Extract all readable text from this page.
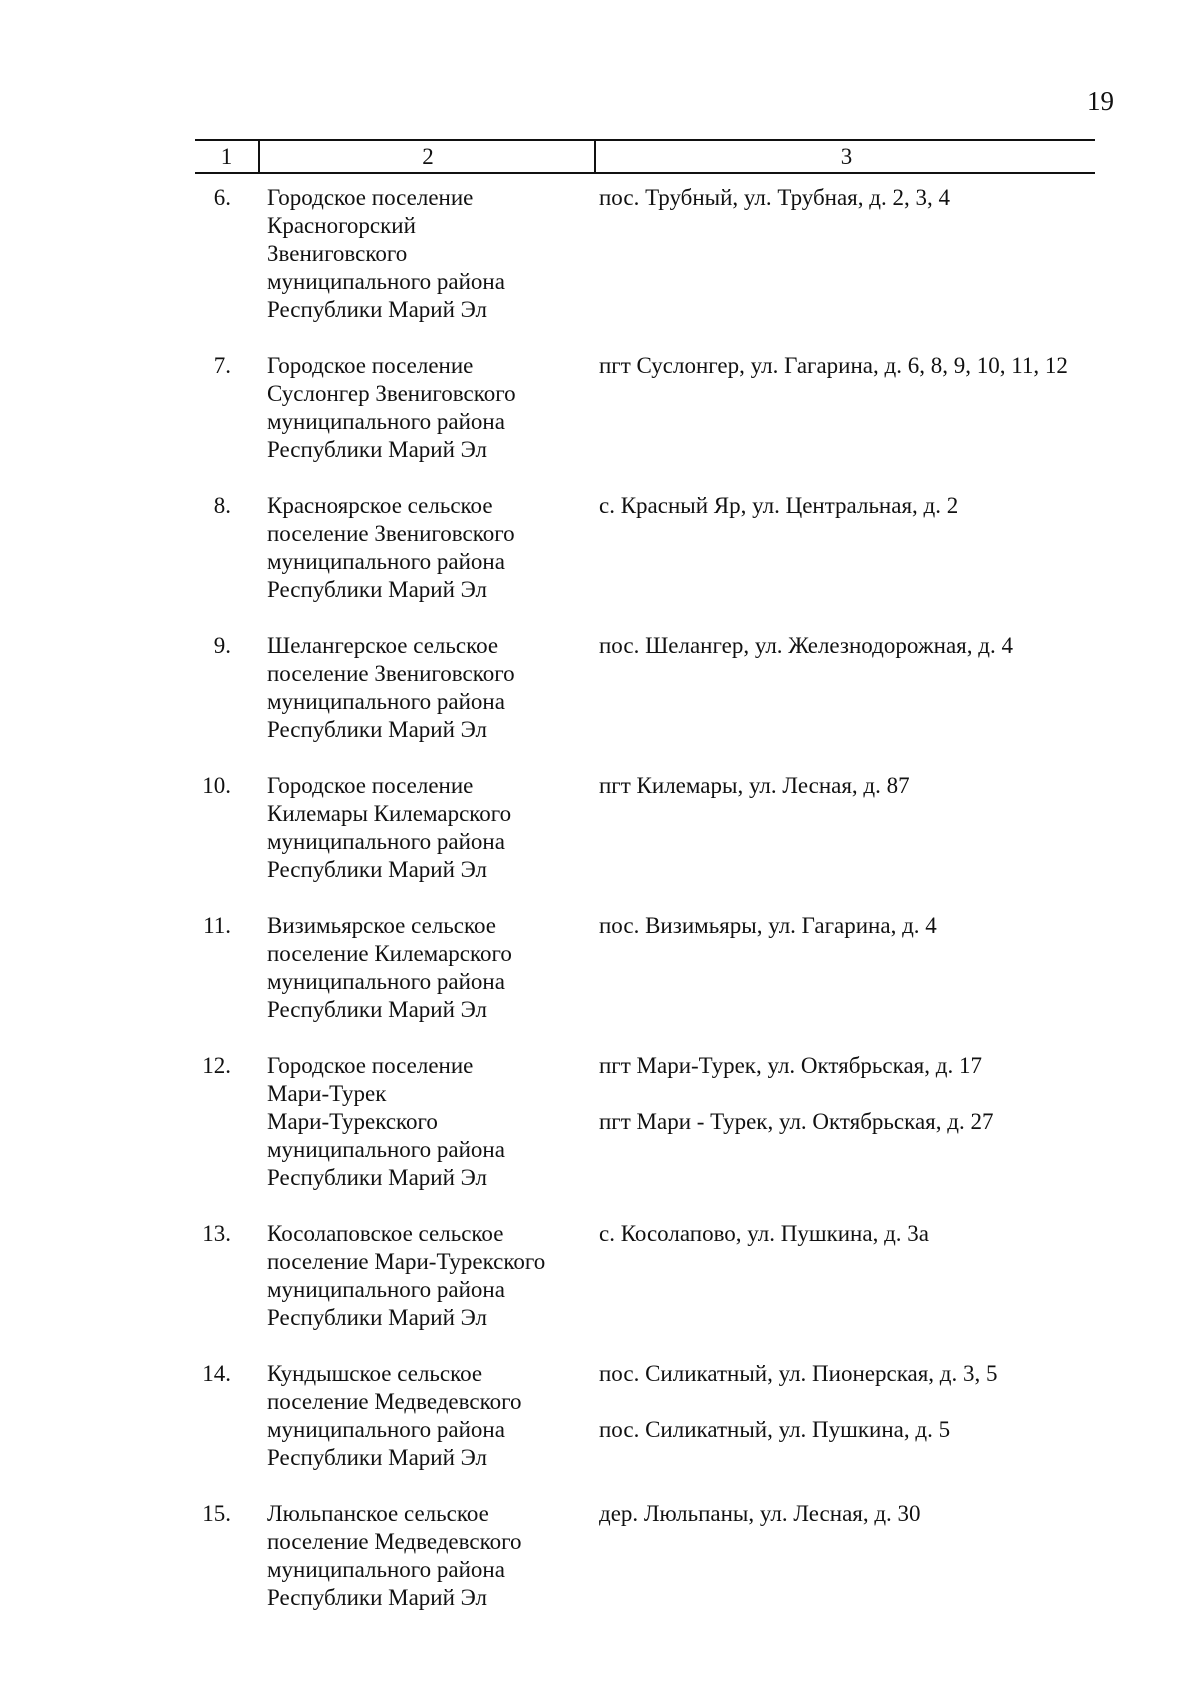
19
1	2	3
6. Городское поселение
Красногорский
Звениговского
муниципального района
Республики Марий Эл
пос. Трубный, ул. Трубная, д. 2, 3, 4
7. Городское поселение
Суслонгер Звениговского
муниципального района
Республики Марий Эл
пгт Суслонгер, ул. Гагарина, д. 6, 8, 9, 10, 11, 12
8. Красноярское сельское
поселение Звениговского
муниципального района
Республики Марий Эл
с. Красный Яр, ул. Центральная, д. 2
9. Шелангерское сельское
поселение Звениговского
муниципального района
Республики Марий Эл
пос. Шелангер, ул. Железнодорожная, д. 4
10. Городское поселение
Килемары Килемарского
муниципального района
Республики Марий Эл
пгт Килемары, ул. Лесная, д. 87
11. Визимьярское сельское
поселение Килемарского
муниципального района
Республики Марий Эл
пос. Визимьяры, ул. Гагарина, д. 4
12. Городское поселение
Мари-Турек
Мари-Турекского
муниципального района
Республики Марий Эл
пгт Мари-Турек, ул. Октябрьская, д. 17
пгт Мари - Турек, ул. Октябрьская, д. 27
13. Косолаповское сельское
поселение Мари-Турекского
муниципального района
Республики Марий Эл
с. Косолапово, ул. Пушкина, д. 3а
14. Кундышское сельское
поселение Медведевского
муниципального района
Республики Марий Эл
пос. Силикатный, ул. Пионерская, д. 3, 5
пос. Силикатный, ул. Пушкина, д. 5
15. Люльпанское сельское
поселение Медведевского
муниципального района
Республики Марий Эл
дер. Люльпаны, ул. Лесная, д. 30
